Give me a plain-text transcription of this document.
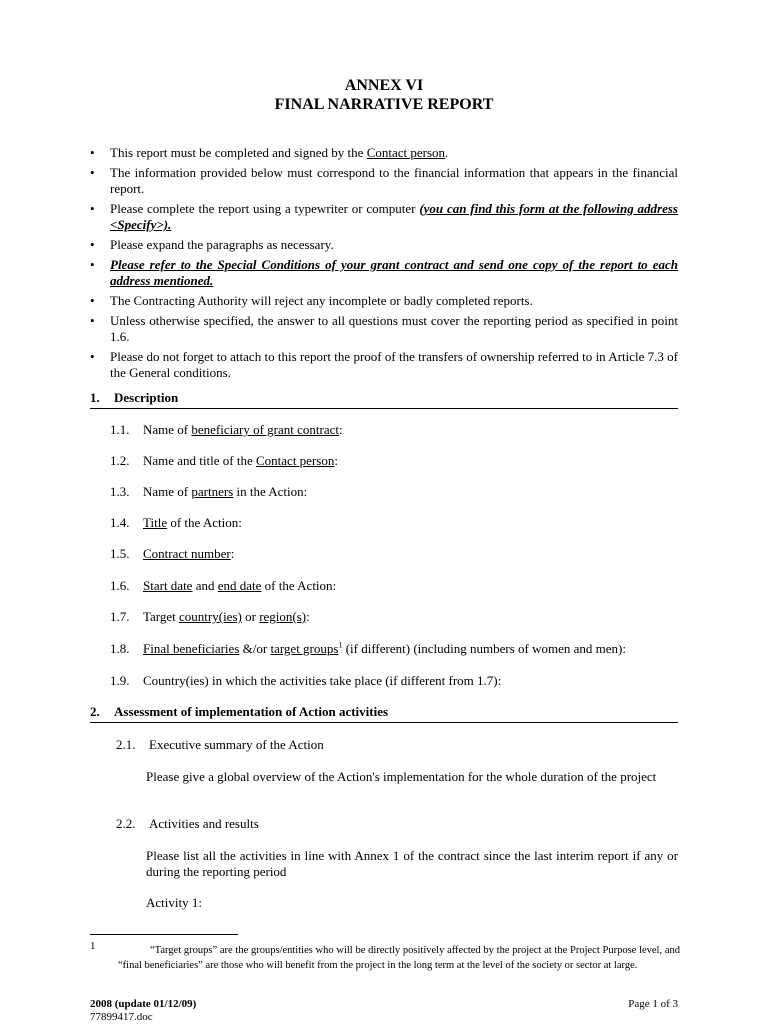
ANNEX VI
FINAL NARRATIVE REPORT
• This report must be completed and signed by the Contact person.
• The information provided below must correspond to the financial information that appears in the financial report.
• Please complete the report using a typewriter or computer (you can find this form at the following address <Specify>).
• Please expand the paragraphs as necessary.
• Please refer to the Special Conditions of your grant contract and send one copy of the report to each address mentioned.
• The Contracting Authority will reject any incomplete or badly completed reports.
• Unless otherwise specified, the answer to all questions must cover the reporting period as specified in point 1.6.
• Please do not forget to attach to this report the proof of the transfers of ownership referred to in Article 7.3 of the General conditions.
1. Description
1.1. Name of beneficiary of grant contract:
1.2. Name and title of the Contact person:
1.3. Name of partners in the Action:
1.4. Title of the Action:
1.5. Contract number:
1.6. Start date and end date of the Action:
1.7. Target country(ies) or region(s):
1.8. Final beneficiaries &/or target groups$^1$ (if different) (including numbers of women and men):
1.9. Country(ies) in which the activities take place (if different from 1.7):
2. Assessment of implementation of Action activities
2.1. Executive summary of the Action
Please give a global overview of the Action's implementation for the whole duration of the project
2.2. Activities and results
Please list all the activities in line with Annex 1 of the contract since the last interim report if any or during the reporting period
Activity 1:
1	“Target groups” are the groups/entities who will be directly positively affected by the project at the Project Purpose level, and “final beneficiaries” are those who will benefit from the project in the long term at the level of the society or sector at large.
2008 (update 01/12/09)
77899417.doc
Page 1 of 3
